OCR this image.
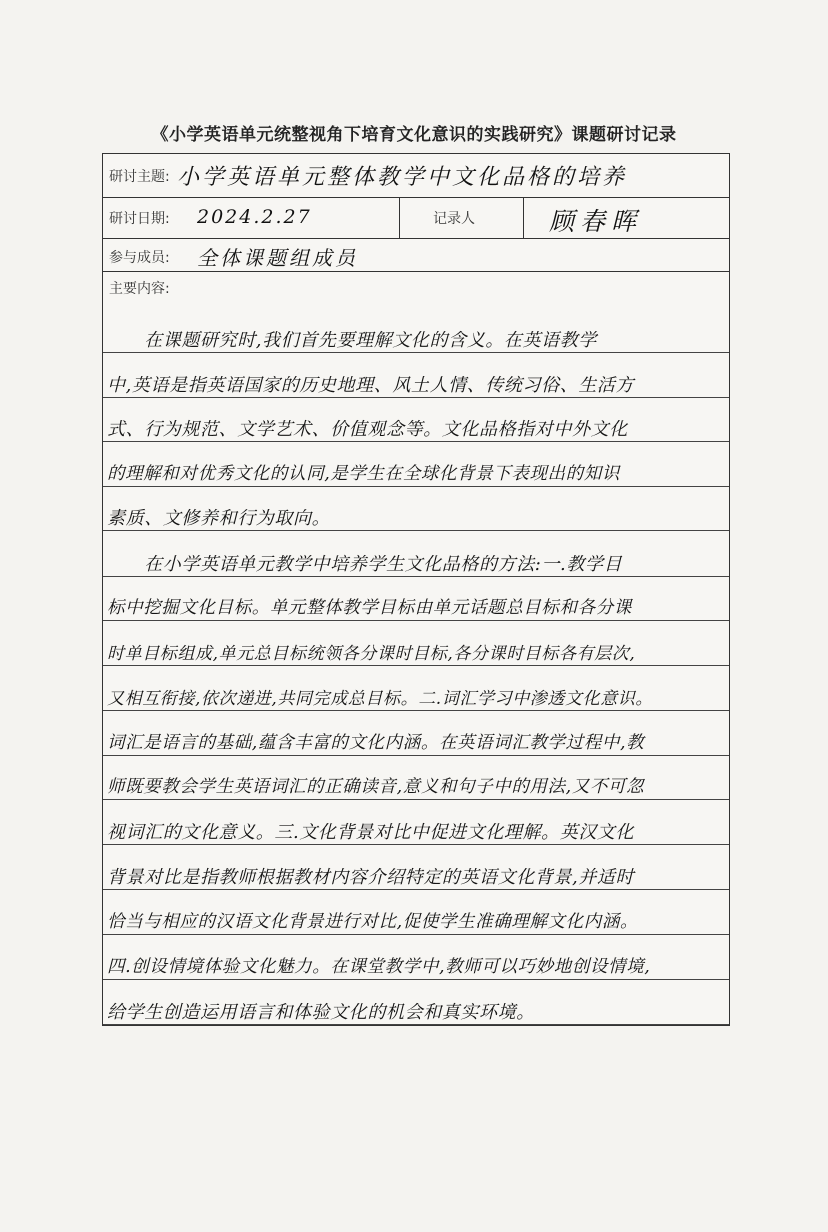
《小学英语单元统整视角下培育文化意识的实践研究》课题研讨记录
研讨主题: 小学英语单元整体教学中文化品格的培养
研讨日期: 2024.2.27	记录人	顾春晖
参与成员: 全体课题组成员
主要内容:
　　在课题研究时,我们首先要理解文化的含义。在英语教学
中,英语是指英语国家的历史地理、风土人情、传统习俗、生活方
式、行为规范、文学艺术、价值观念等。文化品格指对中外文化
的理解和对优秀文化的认同,是学生在全球化背景下表现出的知识
素质、文修养和行为取向。
　　在小学英语单元教学中培养学生文化品格的方法:一.教学目
标中挖掘文化目标。单元整体教学目标由单元话题总目标和各分课
时单目标组成,单元总目标统领各分课时目标,各分课时目标各有层次,
又相互衔接,依次递进,共同完成总目标。二.词汇学习中渗透文化意识。
词汇是语言的基础,蕴含丰富的文化内涵。在英语词汇教学过程中,教
师既要教会学生英语词汇的正确读音,意义和句子中的用法,又不可忽
视词汇的文化意义。三.文化背景对比中促进文化理解。英汉文化
背景对比是指教师根据教材内容介绍特定的英语文化背景,并适时
恰当与相应的汉语文化背景进行对比,促使学生准确理解文化内涵。
四.创设情境体验文化魅力。在课堂教学中,教师可以巧妙地创设情境,
给学生创造运用语言和体验文化的机会和真实环境。
